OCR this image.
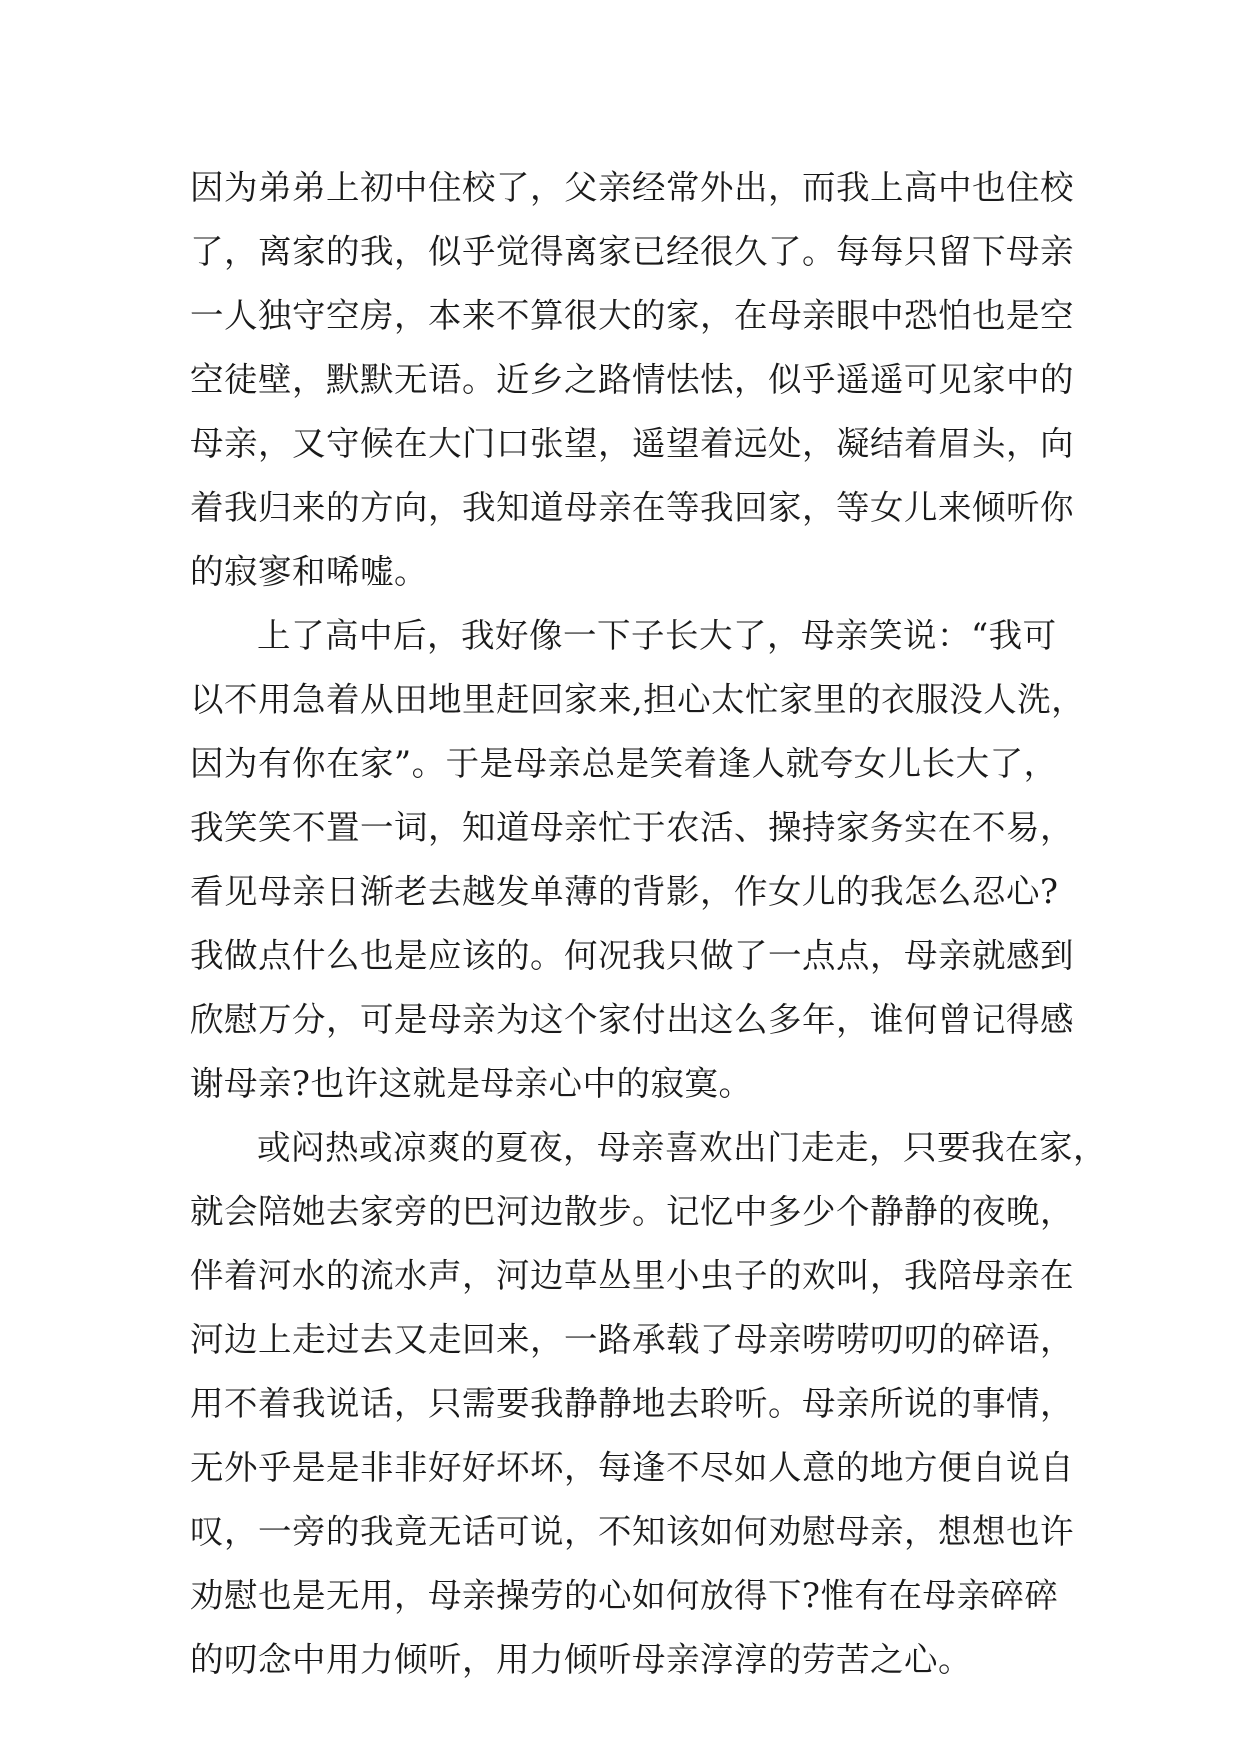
因为弟弟上初中住校了，父亲经常外出，而我上高中也住校
了，离家的我，似乎觉得离家已经很久了。每每只留下母亲
一人独守空房，本来不算很大的家，在母亲眼中恐怕也是空
空徒壁，默默无语。近乡之路情怯怯，似乎遥遥可见家中的
母亲，又守候在大门口张望，遥望着远处，凝结着眉头，向
着我归来的方向，我知道母亲在等我回家，等女儿来倾听你
的寂寥和唏嘘。
上了高中后，我好像一下子长大了，母亲笑说：“我可
以不用急着从田地里赶回家来,担心太忙家里的衣服没人洗，
因为有你在家”。于是母亲总是笑着逢人就夸女儿长大了，
我笑笑不置一词，知道母亲忙于农活、操持家务实在不易，
看见母亲日渐老去越发单薄的背影，作女儿的我怎么忍心?
我做点什么也是应该的。何况我只做了一点点，母亲就感到
欣慰万分，可是母亲为这个家付出这么多年，谁何曾记得感
谢母亲?也许这就是母亲心中的寂寞。
或闷热或凉爽的夏夜，母亲喜欢出门走走，只要我在家，
就会陪她去家旁的巴河边散步。记忆中多少个静静的夜晚，
伴着河水的流水声，河边草丛里小虫子的欢叫，我陪母亲在
河边上走过去又走回来，一路承载了母亲唠唠叨叨的碎语，
用不着我说话，只需要我静静地去聆听。母亲所说的事情，
无外乎是是非非好好坏坏，每逢不尽如人意的地方便自说自
叹，一旁的我竟无话可说，不知该如何劝慰母亲，想想也许
劝慰也是无用，母亲操劳的心如何放得下?惟有在母亲碎碎
的叨念中用力倾听，用力倾听母亲淳淳的劳苦之心。
